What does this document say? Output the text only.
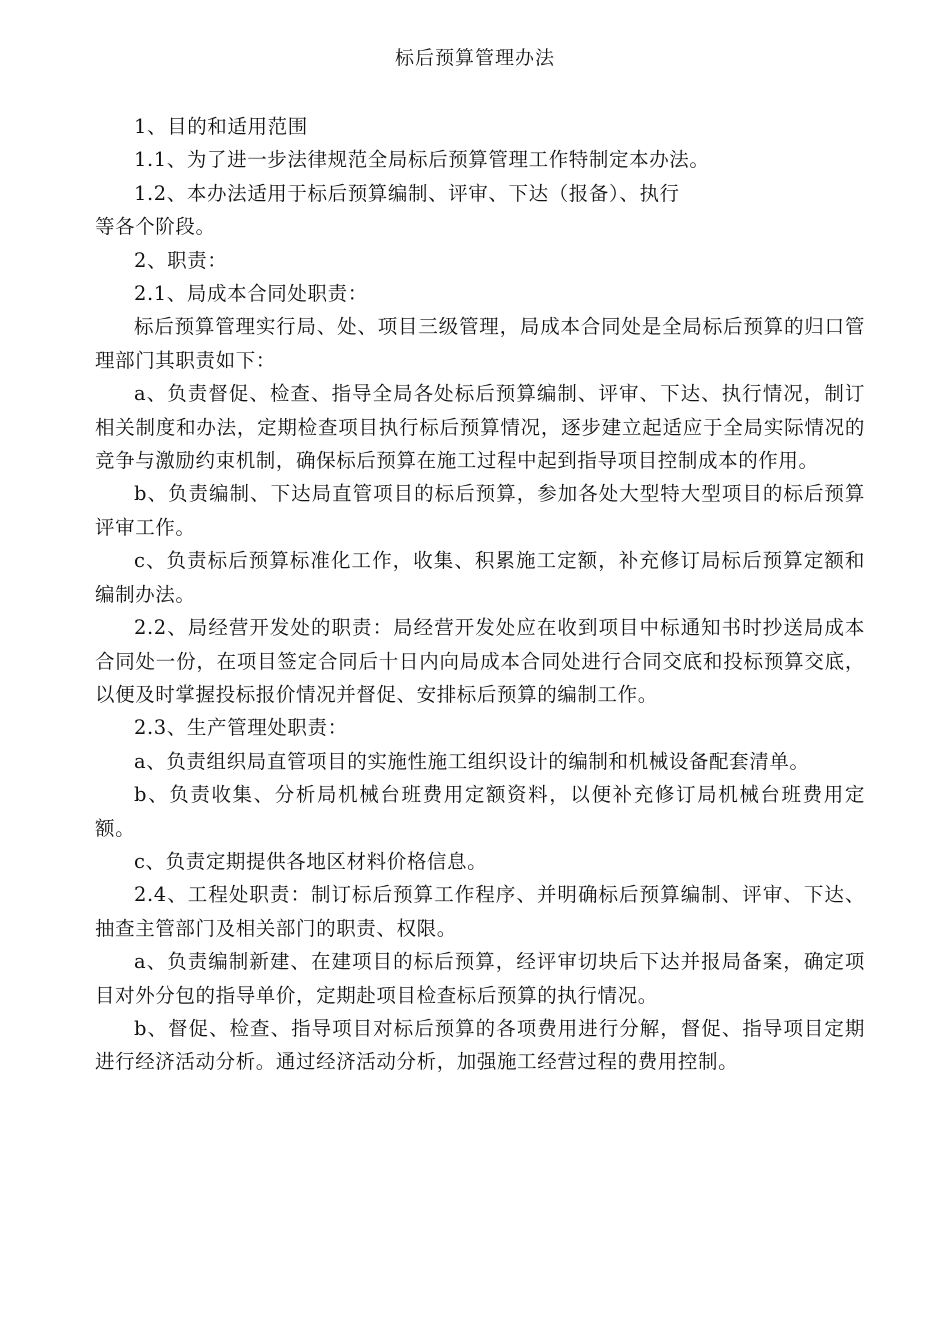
标后预算管理办法

1、目的和适用范围

1.1、为了进一步法律规范全局标后预算管理工作特制定本办法。

1.2、本办法适用于标后预算编制、评审、下达（报备）、执行

等各个阶段。

2、职责：

2.1、局成本合同处职责：

标后预算管理实行局、处、项目三级管理，局成本合同处是全局标后预算的归口管理部门其职责如下：

a、负责督促、检查、指导全局各处标后预算编制、评审、下达、执行情况，制订相关制度和办法，定期检查项目执行标后预算情况，逐步建立起适应于全局实际情况的竞争与激励约束机制，确保标后预算在施工过程中起到指导项目控制成本的作用。

b、负责编制、下达局直管项目的标后预算，参加各处大型特大型项目的标后预算评审工作。

c、负责标后预算标准化工作，收集、积累施工定额，补充修订局标后预算定额和编制办法。

2.2、局经营开发处的职责：局经营开发处应在收到项目中标通知书时抄送局成本合同处一份，在项目签定合同后十日内向局成本合同处进行合同交底和投标预算交底，以便及时掌握投标报价情况并督促、安排标后预算的编制工作。

2.3、生产管理处职责：

a、负责组织局直管项目的实施性施工组织设计的编制和机械设备配套清单。

b、负责收集、分析局机械台班费用定额资料，以便补充修订局机械台班费用定额。

c、负责定期提供各地区材料价格信息。

2.4、工程处职责：制订标后预算工作程序、并明确标后预算编制、评审、下达、抽查主管部门及相关部门的职责、权限。

a、负责编制新建、在建项目的标后预算，经评审切块后下达并报局备案，确定项目对外分包的指导单价，定期赴项目检查标后预算的执行情况。

b、督促、检查、指导项目对标后预算的各项费用进行分解，督促、指导项目定期进行经济活动分析。通过经济活动分析，加强施工经营过程的费用控制。
